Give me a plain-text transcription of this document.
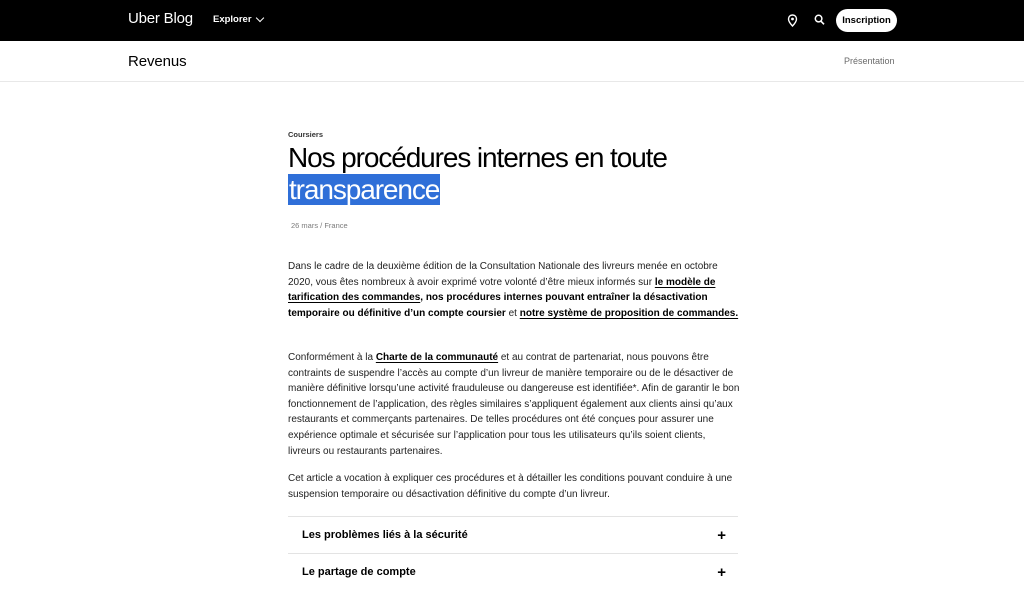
Uber Blog Explorer	Inscription
Revenus	Présentation
Coursiers
Nos procédures internes en toute
transparence
26 mars / France
Dans le cadre de la deuxième édition de la Consultation Nationale des livreurs menée en octobre 2020, vous êtes nombreux à avoir exprimé votre volonté d’être mieux informés sur le modèle de tarification des commandes, nos procédures internes pouvant entraîner la désactivation temporaire ou définitive d’un compte coursier et notre système de proposition de commandes.
Conformément à la Charte de la communauté et au contrat de partenariat, nous pouvons être contraints de suspendre l’accès au compte d’un livreur de manière temporaire ou de le désactiver de manière définitive lorsqu’une activité frauduleuse ou dangereuse est identifiée*. Afin de garantir le bon fonctionnement de l’application, des règles similaires s’appliquent également aux clients ainsi qu’aux restaurants et commerçants partenaires. De telles procédures ont été conçues pour assurer une expérience optimale et sécurisée sur l’application pour tous les utilisateurs qu’ils soient clients, livreurs ou restaurants partenaires.
Cet article a vocation à expliquer ces procédures et à détailler les conditions pouvant conduire à une suspension temporaire ou désactivation définitive du compte d’un livreur.
Les problèmes liés à la sécurité	+
Le partage de compte	+
